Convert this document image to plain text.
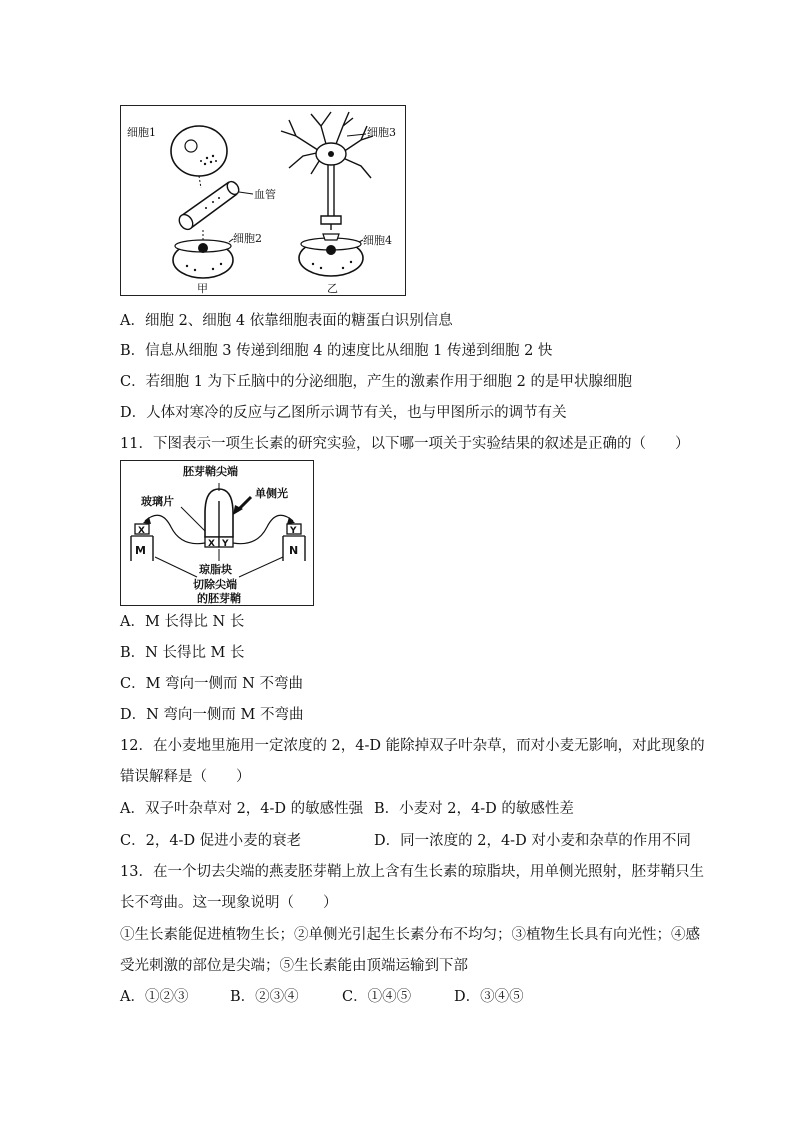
细胞1
血管
细胞2
细胞3
细胞4
甲	乙
A．细胞 2、细胞 4 依靠细胞表面的糖蛋白识别信息
B．信息从细胞 3 传递到细胞 4 的速度比从细胞 1 传递到细胞 2 快
C．若细胞 1 为下丘脑中的分泌细胞，产生的激素作用于细胞 2 的是甲状腺细胞
D．人体对寒冷的反应与乙图所示调节有关，也与甲图所示的调节有关
11．下图表示一项生长素的研究实验，以下哪一项关于实验结果的叙述是正确的（　　）
X Y
X
M
Y
N
胚芽鞘尖端
玻璃片
单侧光
琼脂块
切除尖端
的胚芽鞘
A．M 长得比 N 长
B．N 长得比 M 长
C．M 弯向一侧而 N 不弯曲
D．N 弯向一侧而 M 不弯曲
12．在小麦地里施用一定浓度的 2，4-D 能除掉双子叶杂草，而对小麦无影响，对此现象的
错误解释是（　　）
A．双子叶杂草对 2，4-D 的敏感性强 B．小麦对 2，4-D 的敏感性差
C．2，4-D 促进小麦的衰老	D．同一浓度的 2，4-D 对小麦和杂草的作用不同
13．在一个切去尖端的燕麦胚芽鞘上放上含有生长素的琼脂块，用单侧光照射，胚芽鞘只生
长不弯曲。这一现象说明（　　）
①生长素能促进植物生长；②单侧光引起生长素分布不均匀；③植物生长具有向光性；④感
受光刺激的部位是尖端；⑤生长素能由顶端运输到下部
A．①②③	B．②③④	C．①④⑤	D．③④⑤
